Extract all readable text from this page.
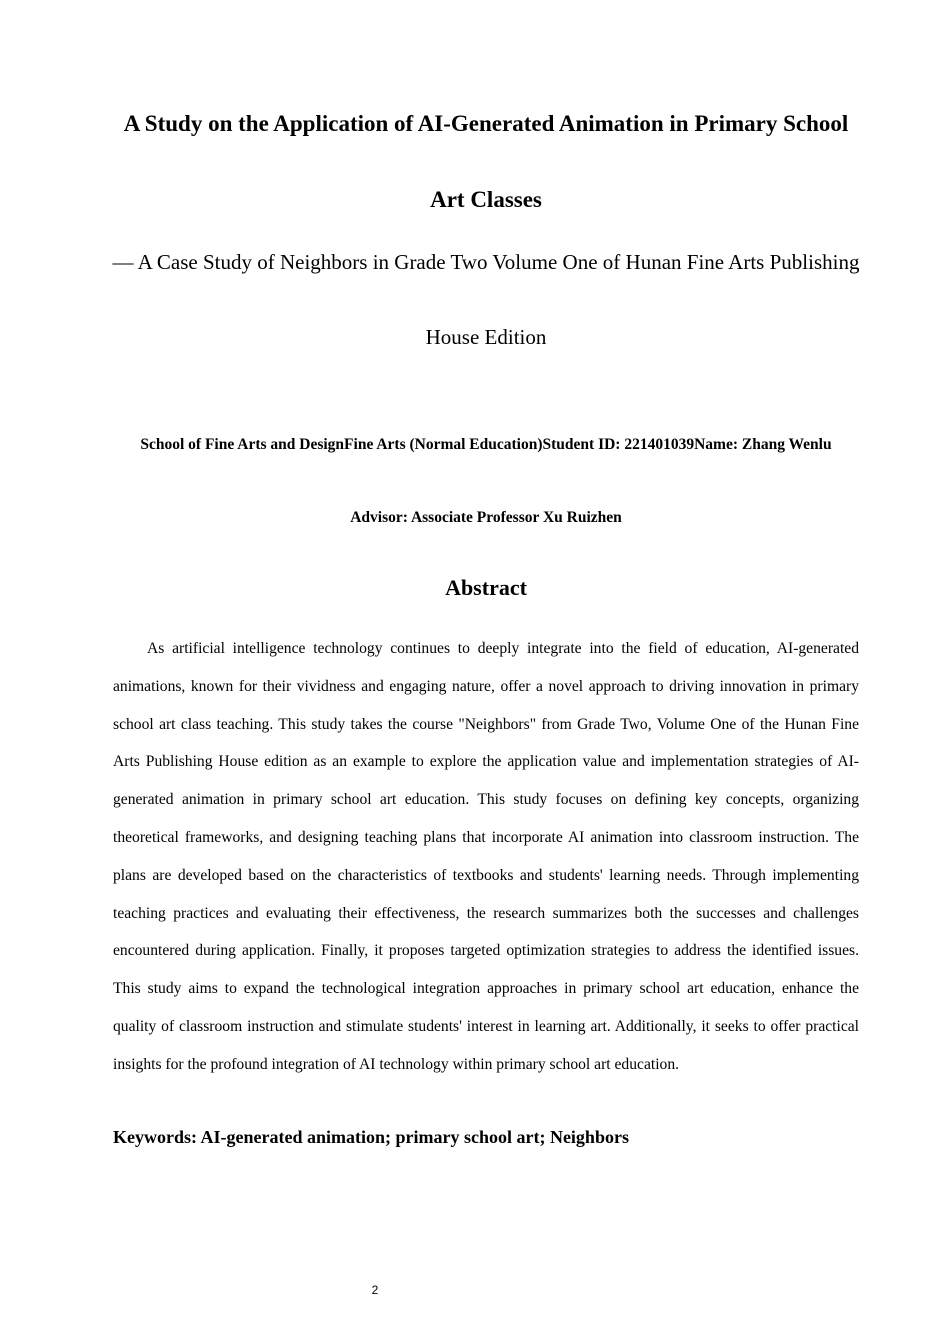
A Study on the Application of AI-Generated Animation in Primary School Art Classes

— A Case Study of Neighbors in Grade Two Volume One of Hunan Fine Arts Publishing House Edition

School of Fine Arts and DesignFine Arts (Normal Education)Student ID: 221401039Name: Zhang Wenlu

Advisor: Associate Professor Xu Ruizhen

Abstract

As artificial intelligence technology continues to deeply integrate into the field of education, AI-generated animations, known for their vividness and engaging nature, offer a novel approach to driving innovation in primary school art class teaching. This study takes the course "Neighbors" from Grade Two, Volume One of the Hunan Fine Arts Publishing House edition as an example to explore the application value and implementation strategies of AI-generated animation in primary school art education. This study focuses on defining key concepts, organizing theoretical frameworks, and designing teaching plans that incorporate AI animation into classroom instruction. The plans are developed based on the characteristics of textbooks and students' learning needs. Through implementing teaching practices and evaluating their effectiveness, the research summarizes both the successes and challenges encountered during application. Finally, it proposes targeted optimization strategies to address the identified issues. This study aims to expand the technological integration approaches in primary school art education, enhance the quality of classroom instruction and stimulate students' interest in learning art. Additionally, it seeks to offer practical insights for the profound integration of AI technology within primary school art education.

Keywords: AI-generated animation; primary school art; Neighbors

2
